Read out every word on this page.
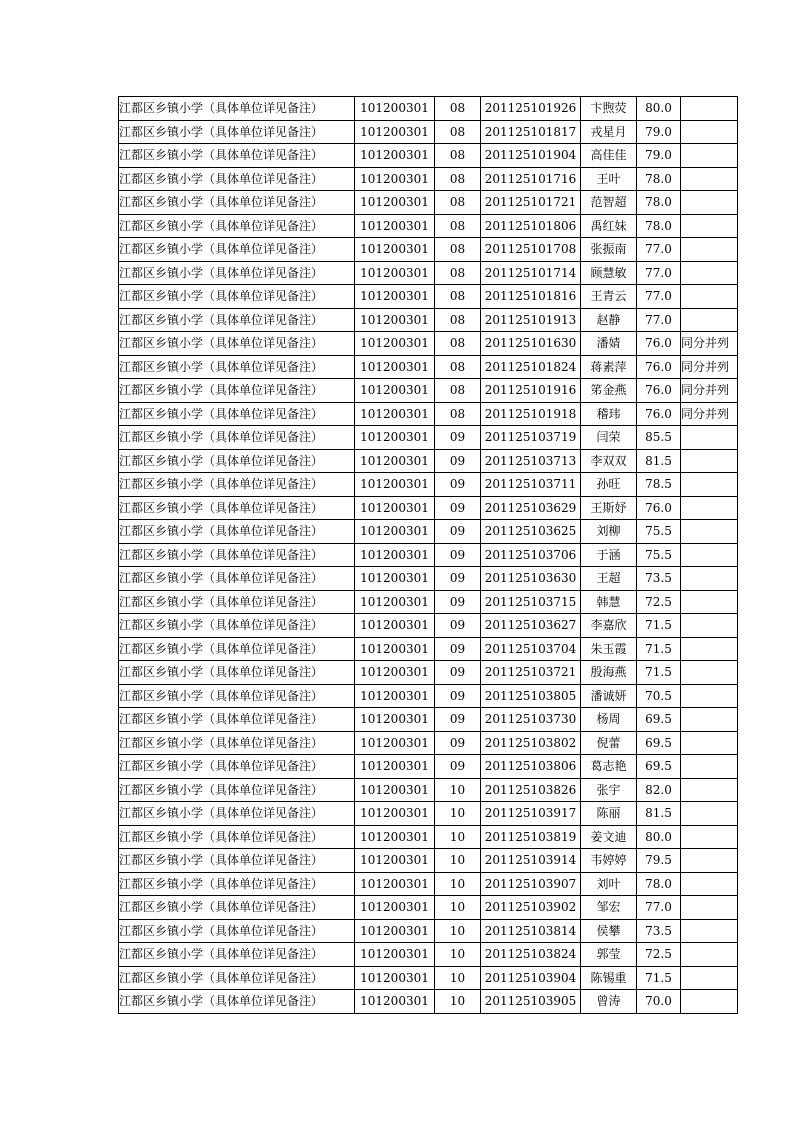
江都区乡镇小学（具体单位详见备注）	101200301	08	201125101926	卞煦荧	80.0	
江都区乡镇小学（具体单位详见备注）	101200301	08	201125101817	戎星月	79.0	
江都区乡镇小学（具体单位详见备注）	101200301	08	201125101904	高佳佳	79.0	
江都区乡镇小学（具体单位详见备注）	101200301	08	201125101716	王叶	78.0	
江都区乡镇小学（具体单位详见备注）	101200301	08	201125101721	范智超	78.0	
江都区乡镇小学（具体单位详见备注）	101200301	08	201125101806	禹红妹	78.0	
江都区乡镇小学（具体单位详见备注）	101200301	08	201125101708	张振南	77.0	
江都区乡镇小学（具体单位详见备注）	101200301	08	201125101714	顾慧敏	77.0	
江都区乡镇小学（具体单位详见备注）	101200301	08	201125101816	王青云	77.0	
江都区乡镇小学（具体单位详见备注）	101200301	08	201125101913	赵静	77.0	
江都区乡镇小学（具体单位详见备注）	101200301	08	201125101630	潘婧	76.0	同分并列
江都区乡镇小学（具体单位详见备注）	101200301	08	201125101824	蒋素萍	76.0	同分并列
江都区乡镇小学（具体单位详见备注）	101200301	08	201125101916	笫金燕	76.0	同分并列
江都区乡镇小学（具体单位详见备注）	101200301	08	201125101918	稽玮	76.0	同分并列
江都区乡镇小学（具体单位详见备注）	101200301	09	201125103719	闫荣	85.5	
江都区乡镇小学（具体单位详见备注）	101200301	09	201125103713	李双双	81.5	
江都区乡镇小学（具体单位详见备注）	101200301	09	201125103711	孙旺	78.5	
江都区乡镇小学（具体单位详见备注）	101200301	09	201125103629	王斯妤	76.0	
江都区乡镇小学（具体单位详见备注）	101200301	09	201125103625	刘柳	75.5	
江都区乡镇小学（具体单位详见备注）	101200301	09	201125103706	于涵	75.5	
江都区乡镇小学（具体单位详见备注）	101200301	09	201125103630	王超	73.5	
江都区乡镇小学（具体单位详见备注）	101200301	09	201125103715	韩慧	72.5	
江都区乡镇小学（具体单位详见备注）	101200301	09	201125103627	李嘉欣	71.5	
江都区乡镇小学（具体单位详见备注）	101200301	09	201125103704	朱玉霞	71.5	
江都区乡镇小学（具体单位详见备注）	101200301	09	201125103721	殷海燕	71.5	
江都区乡镇小学（具体单位详见备注）	101200301	09	201125103805	潘诚妍	70.5	
江都区乡镇小学（具体单位详见备注）	101200301	09	201125103730	杨周	69.5	
江都区乡镇小学（具体单位详见备注）	101200301	09	201125103802	倪蕾	69.5	
江都区乡镇小学（具体单位详见备注）	101200301	09	201125103806	葛志艳	69.5	
江都区乡镇小学（具体单位详见备注）	101200301	10	201125103826	张宇	82.0	
江都区乡镇小学（具体单位详见备注）	101200301	10	201125103917	陈丽	81.5	
江都区乡镇小学（具体单位详见备注）	101200301	10	201125103819	姜文迪	80.0	
江都区乡镇小学（具体单位详见备注）	101200301	10	201125103914	韦婷婷	79.5	
江都区乡镇小学（具体单位详见备注）	101200301	10	201125103907	刘叶	78.0	
江都区乡镇小学（具体单位详见备注）	101200301	10	201125103902	邹宏	77.0	
江都区乡镇小学（具体单位详见备注）	101200301	10	201125103814	侯攀	73.5	
江都区乡镇小学（具体单位详见备注）	101200301	10	201125103824	郭莹	72.5	
江都区乡镇小学（具体单位详见备注）	101200301	10	201125103904	陈锡重	71.5	
江都区乡镇小学（具体单位详见备注）	101200301	10	201125103905	曾涛	70.0	
